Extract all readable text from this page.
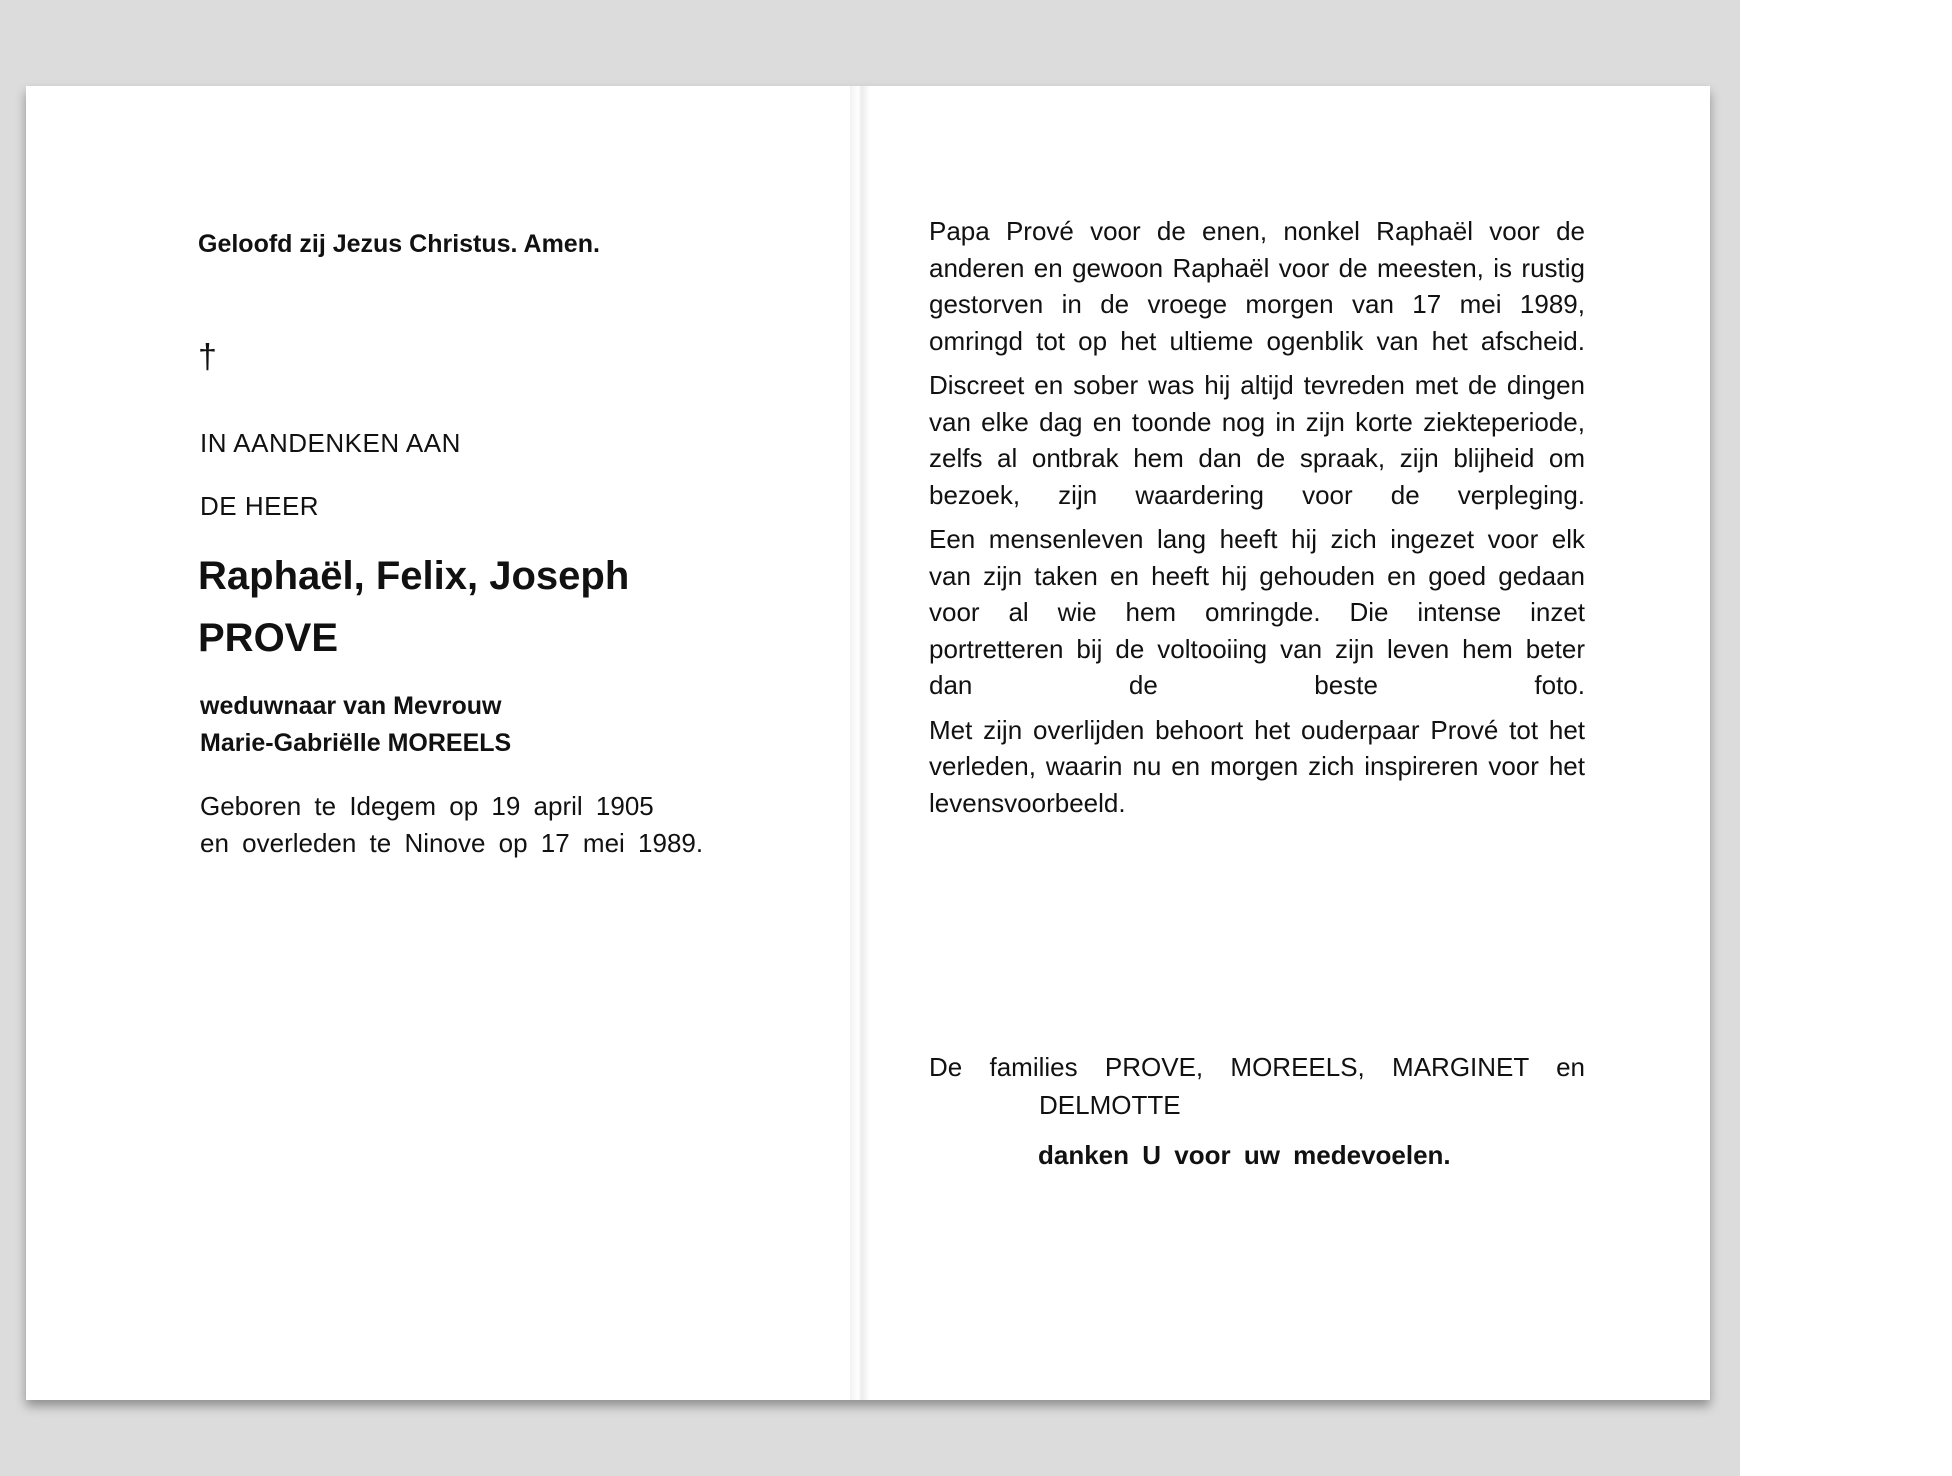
Geloofd zij Jezus Christus. Amen.
†
IN AANDENKEN AAN
DE HEER
Raphaël, Felix, Joseph
PROVE
weduwnaar van Mevrouw
Marie-Gabriëlle MOREELS
Geboren te Idegem op 19 april 1905
en overleden te Ninove op 17 mei 1989.

Papa Prové voor de enen, nonkel Raphaël voor de anderen en gewoon Raphaël voor de meesten, is rustig gestorven in de vroege morgen van 17 mei 1989, omringd tot op het ultieme ogenblik van het afscheid.

Discreet en sober was hij altijd tevreden met de dingen van elke dag en toonde nog in zijn korte ziekteperiode, zelfs al ontbrak hem dan de spraak, zijn blijheid om bezoek, zijn waardering voor de verpleging.

Een mensenleven lang heeft hij zich ingezet voor elk van zijn taken en heeft hij gehouden en goed gedaan voor al wie hem omringde. Die intense inzet portretteren bij de voltooiing van zijn leven hem beter dan de beste foto.

Met zijn overlijden behoort het ouderpaar Prové tot het verleden, waarin nu en morgen zich inspireren voor het levensvoorbeeld.

De families PROVE, MOREELS, MARGINET en
DELMOTTE
danken U voor uw medevoelen.
